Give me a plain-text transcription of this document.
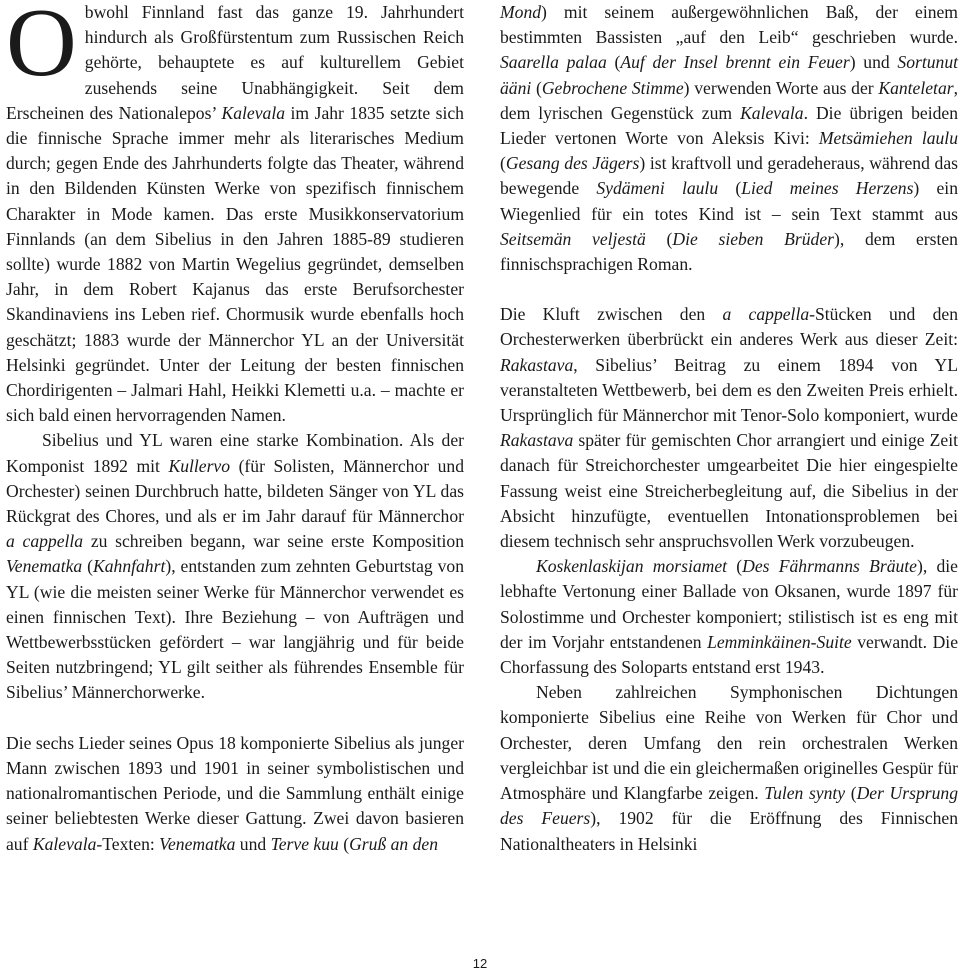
Obwohl Finnland fast das ganze 19. Jahrhundert hindurch als Großfürstentum zum Russischen Reich gehörte, behauptete es auf kulturellem Gebiet zusehends seine Unabhängigkeit. Seit dem Erscheinen des Nationalepos’ Kalevala im Jahr 1835 setzte sich die finnische Sprache immer mehr als literarisches Medium durch; gegen Ende des Jahrhunderts folgte das Theater, während in den Bildenden Künsten Werke von spezifisch finnischem Charakter in Mode kamen. Das erste Musikkonservatorium Finnlands (an dem Sibelius in den Jahren 1885-89 studieren sollte) wurde 1882 von Martin Wegelius gegründet, demselben Jahr, in dem Robert Kajanus das erste Berufsorchester Skandinaviens ins Leben rief. Chormusik wurde ebenfalls hoch geschätzt; 1883 wurde der Männerchor YL an der Universität Helsinki gegründet. Unter der Leitung der besten finnischen Chordirigenten – Jalmari Hahl, Heikki Klemetti u.a. – machte er sich bald einen hervorragenden Namen.

Sibelius und YL waren eine starke Kombination. Als der Komponist 1892 mit Kullervo (für Solisten, Männerchor und Orchester) seinen Durchbruch hatte, bildeten Sänger von YL das Rückgrat des Chores, und als er im Jahr darauf für Männerchor a cappella zu schreiben begann, war seine erste Komposition Venematka (Kahnfahrt), entstanden zum zehnten Geburtstag von YL (wie die meisten seiner Werke für Männerchor verwendet es einen finnischen Text). Ihre Beziehung – von Aufträgen und Wettbewerbsstücken gefördert – war langjährig und für beide Seiten nutzbringend; YL gilt seither als führendes Ensemble für Sibelius’ Männerchorwerke.

Die sechs Lieder seines Opus 18 komponierte Sibelius als junger Mann zwischen 1893 und 1901 in seiner symbolistischen und nationalromantischen Periode, und die Sammlung enthält einige seiner beliebtesten Werke dieser Gattung. Zwei davon basieren auf Kalevala-Texten: Venematka und Terve kuu (Gruß an den

Mond) mit seinem außergewöhnlichen Baß, der einem bestimmten Bassisten „auf den Leib“ geschrieben wurde. Saarella palaa (Auf der Insel brennt ein Feuer) und Sortunut ääni (Gebrochene Stimme) verwenden Worte aus der Kanteletar, dem lyrischen Gegenstück zum Kalevala. Die übrigen beiden Lieder vertonen Worte von Aleksis Kivi: Metsämiehen laulu (Gesang des Jägers) ist kraftvoll und geradeheraus, während das bewegende Sydämeni laulu (Lied meines Herzens) ein Wiegenlied für ein totes Kind ist – sein Text stammt aus Seitsemän veljestä (Die sieben Brüder), dem ersten finnischsprachigen Roman.

Die Kluft zwischen den a cappella-Stücken und den Orchesterwerken überbrückt ein anderes Werk aus dieser Zeit: Rakastava, Sibelius’ Beitrag zu einem 1894 von YL veranstalteten Wettbewerb, bei dem es den Zweiten Preis erhielt. Ursprünglich für Männerchor mit Tenor-Solo komponiert, wurde Rakastava später für gemischten Chor arrangiert und einige Zeit danach für Streichorchester umgearbeitet Die hier eingespielte Fassung weist eine Streicherbegleitung auf, die Sibelius in der Absicht hinzufügte, eventuellen Intonationsproblemen bei diesem technisch sehr anspruchsvollen Werk vorzubeugen.

Koskenlaskijan morsiamet (Des Fährmanns Bräute), die lebhafte Vertonung einer Ballade von Oksanen, wurde 1897 für Solostimme und Orchester komponiert; stilistisch ist es eng mit der im Vorjahr entstandenen Lemminkäinen-Suite verwandt. Die Chorfassung des Soloparts entstand erst 1943.

Neben zahlreichen Symphonischen Dichtungen komponierte Sibelius eine Reihe von Werken für Chor und Orchester, deren Umfang den rein orchestralen Werken vergleichbar ist und die ein gleichermaßen originelles Gespür für Atmosphäre und Klangfarbe zeigen. Tulen synty (Der Ursprung des Feuers), 1902 für die Eröffnung des Finnischen Nationaltheaters in Helsinki

12
